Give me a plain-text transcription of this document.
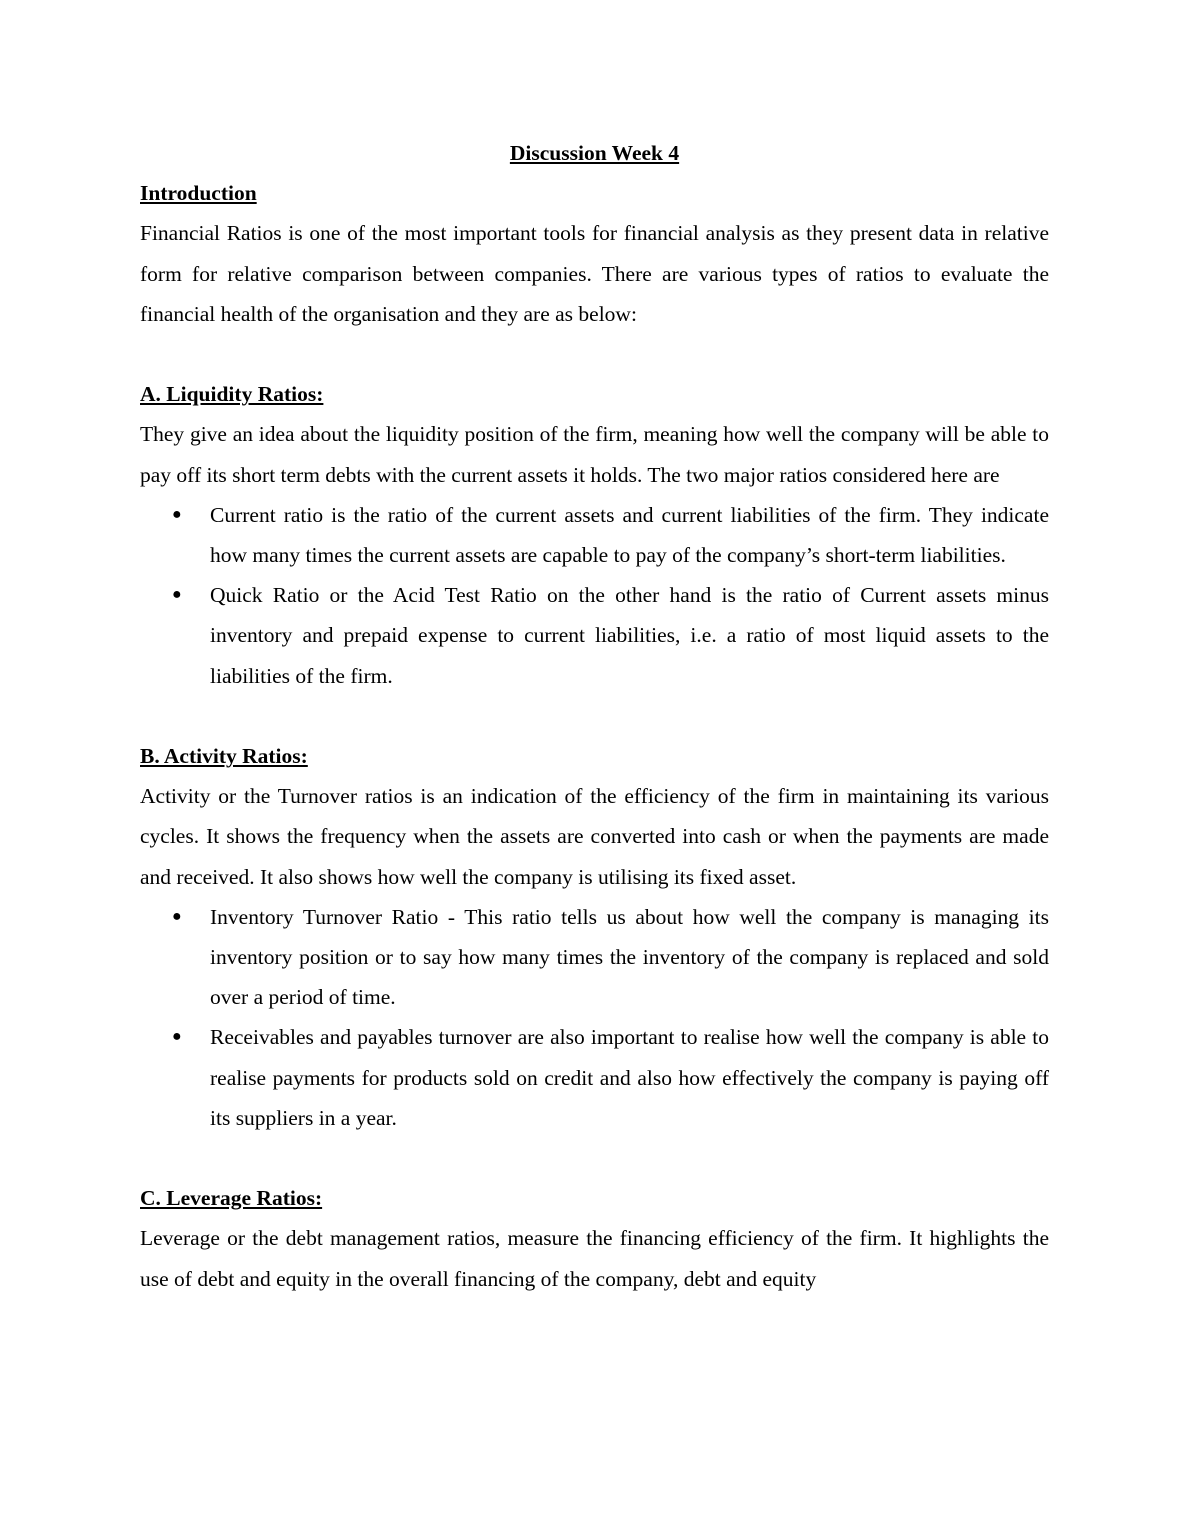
Discussion Week 4

Introduction

Financial Ratios is one of the most important tools for financial analysis as they present data in relative form for relative comparison between companies. There are various types of ratios to evaluate the financial health of the organisation and they are as below:

A. Liquidity Ratios:

They give an idea about the liquidity position of the firm, meaning how well the company will be able to pay off its short term debts with the current assets it holds. The two major ratios considered here are

● Current ratio is the ratio of the current assets and current liabilities of the firm. They indicate how many times the current assets are capable to pay of the company’s short-term liabilities.
● Quick Ratio or the Acid Test Ratio on the other hand is the ratio of Current assets minus inventory and prepaid expense to current liabilities, i.e. a ratio of most liquid assets to the liabilities of the firm.

B. Activity Ratios:

Activity or the Turnover ratios is an indication of the efficiency of the firm in maintaining its various cycles. It shows the frequency when the assets are converted into cash or when the payments are made and received. It also shows how well the company is utilising its fixed asset.

● Inventory Turnover Ratio - This ratio tells us about how well the company is managing its inventory position or to say how many times the inventory of the company is replaced and sold over a period of time.
● Receivables and payables turnover are also important to realise how well the company is able to realise payments for products sold on credit and also how effectively the company is paying off its suppliers in a year.

C. Leverage Ratios:

Leverage or the debt management ratios, measure the financing efficiency of the firm. It highlights the use of debt and equity in the overall financing of the company, debt and equity
